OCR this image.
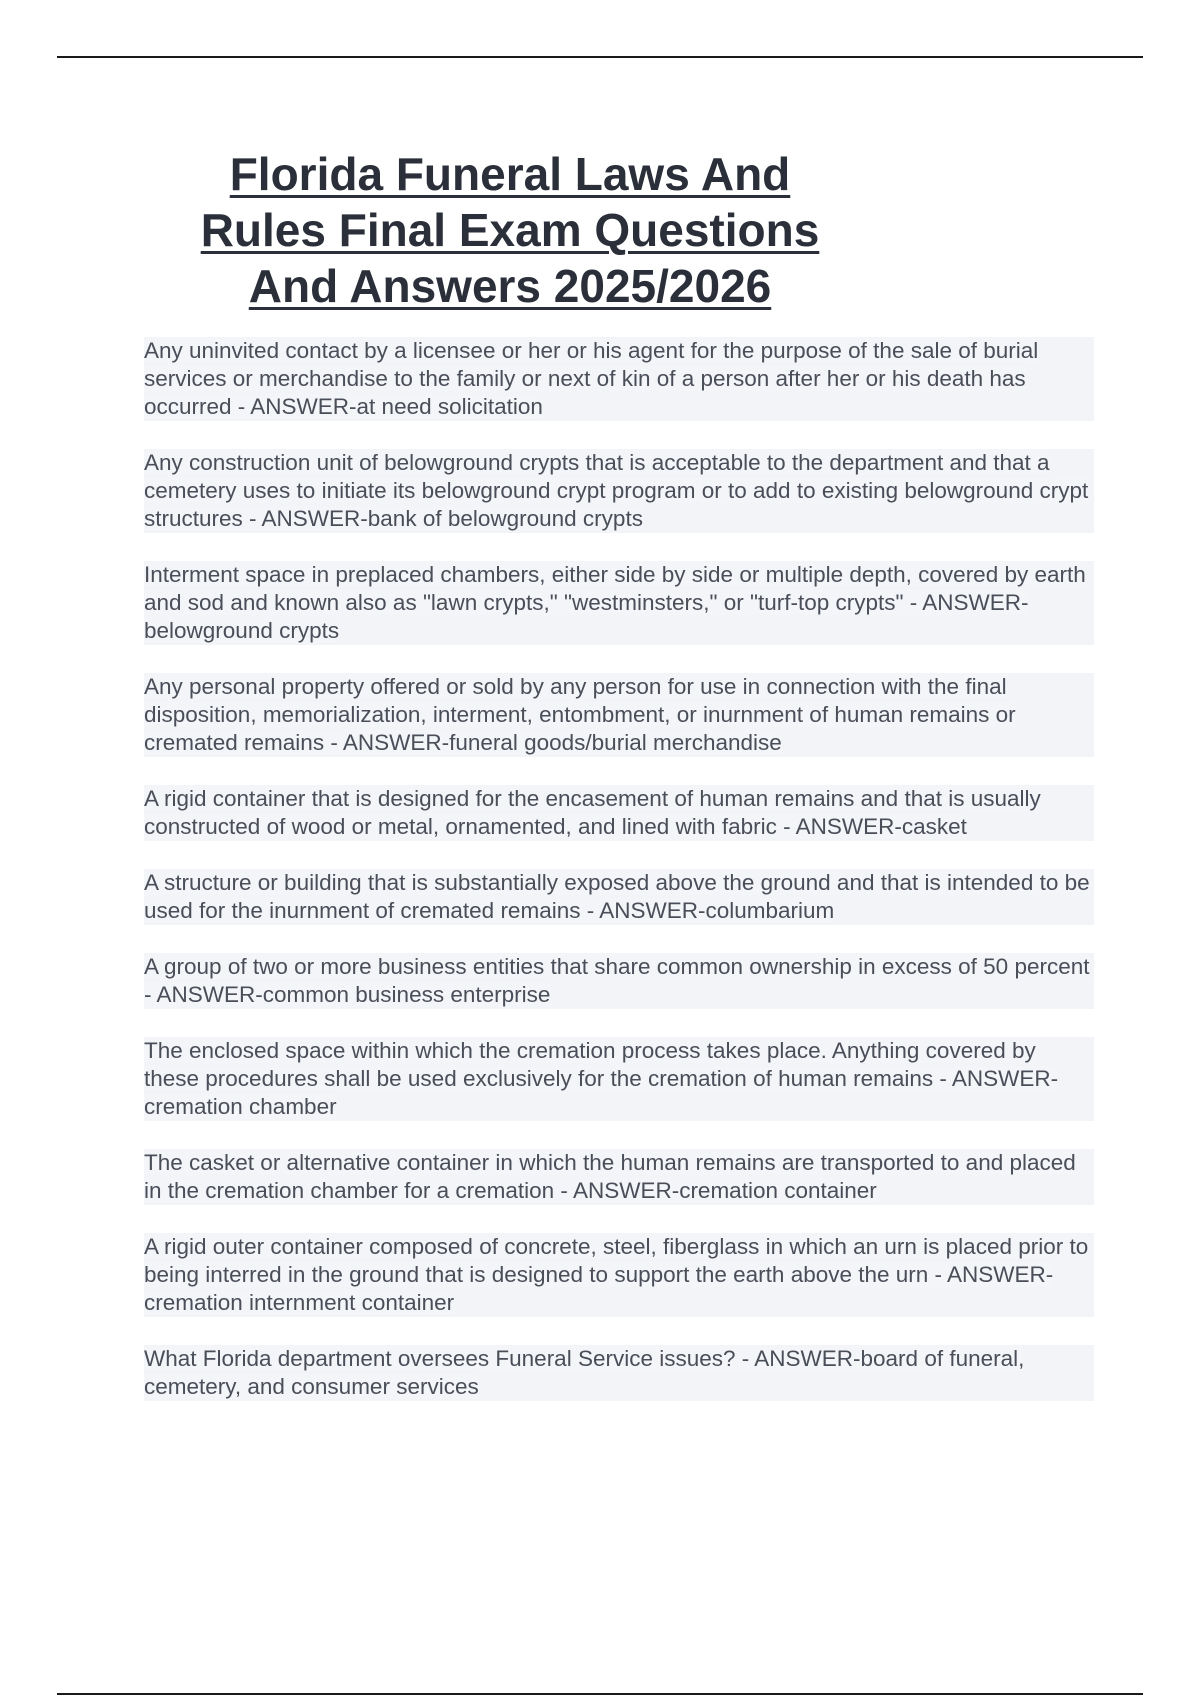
Florida Funeral Laws And
Rules Final Exam Questions
And Answers 2025/2026
Any uninvited contact by a licensee or her or his agent for the purpose of the sale of burial services or merchandise to the family or next of kin of a person after her or his death has occurred - ANSWER-at need solicitation
Any construction unit of belowground crypts that is acceptable to the department and that a cemetery uses to initiate its belowground crypt program or to add to existing belowground crypt structures - ANSWER-bank of belowground crypts
Interment space in preplaced chambers, either side by side or multiple depth, covered by earth and sod and known also as "lawn crypts," "westminsters," or "turf-top crypts" - ANSWER-belowground crypts
Any personal property offered or sold by any person for use in connection with the final disposition, memorialization, interment, entombment, or inurnment of human remains or cremated remains - ANSWER-funeral goods/burial merchandise
A rigid container that is designed for the encasement of human remains and that is usually constructed of wood or metal, ornamented, and lined with fabric - ANSWER-casket
A structure or building that is substantially exposed above the ground and that is intended to be used for the inurnment of cremated remains - ANSWER-columbarium
A group of two or more business entities that share common ownership in excess of 50 percent - ANSWER-common business enterprise
The enclosed space within which the cremation process takes place. Anything covered by these procedures shall be used exclusively for the cremation of human remains - ANSWER-cremation chamber
The casket or alternative container in which the human remains are transported to and placed in the cremation chamber for a cremation - ANSWER-cremation container
A rigid outer container composed of concrete, steel, fiberglass in which an urn is placed prior to being interred in the ground that is designed to support the earth above the urn - ANSWER-cremation internment container
What Florida department oversees Funeral Service issues? - ANSWER-board of funeral, cemetery, and consumer services
